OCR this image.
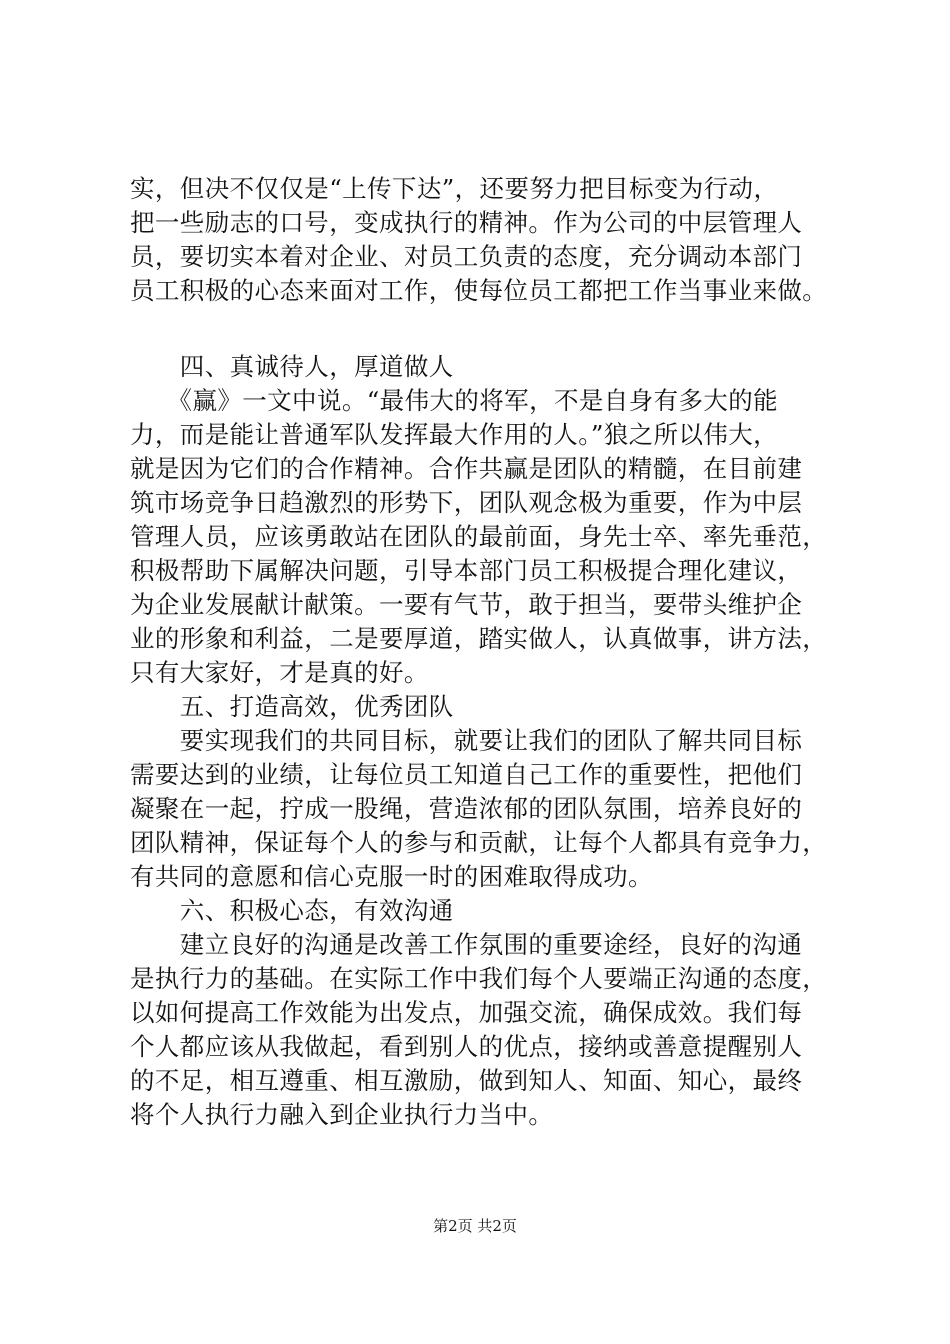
实，但决不仅仅是“上传下达”，还要努力把目标变为行动，
把一些励志的口号，变成执行的精神。作为公司的中层管理人
员，要切实本着对企业、对员工负责的态度，充分调动本部门
员工积极的心态来面对工作，使每位员工都把工作当事业来做。
　　四、真诚待人，厚道做人
　　《赢》一文中说。“最伟大的将军，不是自身有多大的能
力，而是能让普通军队发挥最大作用的人。”狼之所以伟大，
就是因为它们的合作精神。合作共赢是团队的精髓，在目前建
筑市场竞争日趋激烈的形势下，团队观念极为重要，作为中层
管理人员，应该勇敢站在团队的最前面，身先士卒、率先垂范，
积极帮助下属解决问题，引导本部门员工积极提合理化建议，
为企业发展献计献策。一要有气节，敢于担当，要带头维护企
业的形象和利益，二是要厚道，踏实做人，认真做事，讲方法，
只有大家好，才是真的好。
　　五、打造高效，优秀团队
　　要实现我们的共同目标，就要让我们的团队了解共同目标
需要达到的业绩，让每位员工知道自己工作的重要性，把他们
凝聚在一起，拧成一股绳，营造浓郁的团队氛围，培养良好的
团队精神，保证每个人的参与和贡献，让每个人都具有竞争力，
有共同的意愿和信心克服一时的困难取得成功。
　　六、积极心态，有效沟通
　　建立良好的沟通是改善工作氛围的重要途经，良好的沟通
是执行力的基础。在实际工作中我们每个人要端正沟通的态度，
以如何提高工作效能为出发点，加强交流，确保成效。我们每
个人都应该从我做起，看到别人的优点，接纳或善意提醒别人
的不足，相互遵重、相互激励，做到知人、知面、知心，最终
将个人执行力融入到企业执行力当中。
第2页 共2页
